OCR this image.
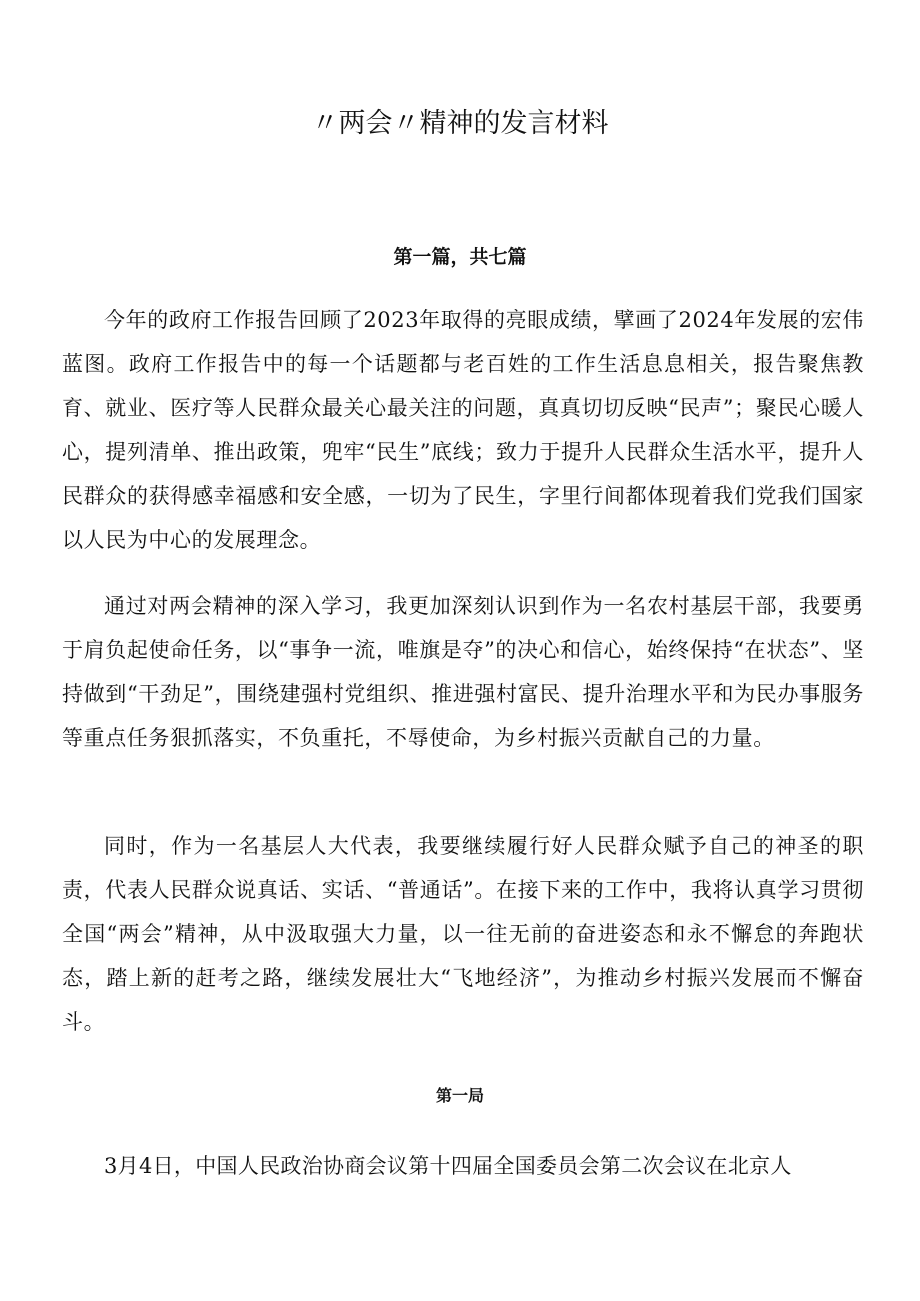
〃两会〃精神的发言材料
第一篇，共七篇

今年的政府工作报告回顾了2023年取得的亮眼成绩，擘画了2024年发展的宏伟蓝图。政府工作报告中的每一个话题都与老百姓的工作生活息息相关，报告聚焦教育、就业、医疗等人民群众最关心最关注的问题，真真切切反映“民声”；聚民心暖人心，提列清单、推出政策，兜牢“民生”底线；致力于提升人民群众生活水平，提升人民群众的获得感幸福感和安全感，一切为了民生，字里行间都体现着我们党我们国家以人民为中心的发展理念。

通过对两会精神的深入学习，我更加深刻认识到作为一名农村基层干部，我要勇于肩负起使命任务，以“事争一流，唯旗是夺”的决心和信心，始终保持“在状态”、坚持做到“干劲足”，围绕建强村党组织、推进强村富民、提升治理水平和为民办事服务等重点任务狠抓落实，不负重托，不辱使命，为乡村振兴贡献自己的力量。

同时，作为一名基层人大代表，我要继续履行好人民群众赋予自己的神圣的职责，代表人民群众说真话、实话、“普通话”。在接下来的工作中，我将认真学习贯彻全国“两会”精神，从中汲取强大力量，以一往无前的奋进姿态和永不懈怠的奔跑状态，踏上新的赶考之路，继续发展壮大“飞地经济”，为推动乡村振兴发展而不懈奋斗。

第一局

3月4日，中国人民政治协商会议第十四届全国委员会第二次会议在北京人
